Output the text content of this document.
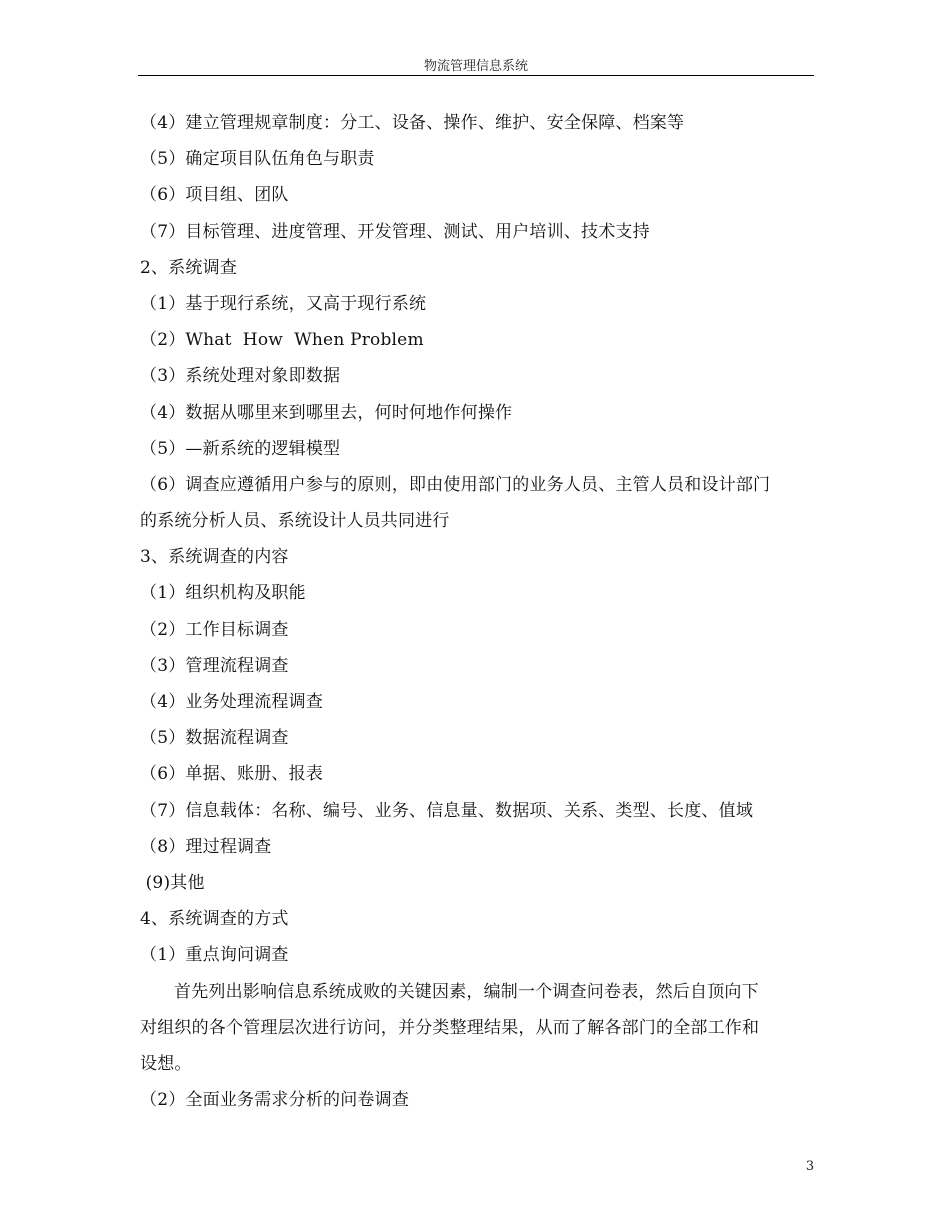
物流管理信息系统
（4）建立管理规章制度：分工、设备、操作、维护、安全保障、档案等
（5）确定项目队伍角色与职责
（6）项目组、团队
（7）目标管理、进度管理、开发管理、测试、用户培训、技术支持
2、系统调查
（1）基于现行系统，又高于现行系统
（2）What  How  When Problem
（3）系统处理对象即数据
（4）数据从哪里来到哪里去，何时何地作何操作
（5）—新系统的逻辑模型
（6）调查应遵循用户参与的原则，即由使用部门的业务人员、主管人员和设计部门
的系统分析人员、系统设计人员共同进行
3、系统调查的内容
（1）组织机构及职能
（2）工作目标调查
（3）管理流程调查
（4）业务处理流程调查
（5）数据流程调查
（6）单据、账册、报表
（7）信息载体：名称、编号、业务、信息量、数据项、关系、类型、长度、值域
（8）理过程调查
(9)其他
4、系统调查的方式
（1）重点询问调查
首先列出影响信息系统成败的关键因素，编制一个调查问卷表，然后自顶向下
对组织的各个管理层次进行访问，并分类整理结果，从而了解各部门的全部工作和
设想。
（2）全面业务需求分析的问卷调查
3
